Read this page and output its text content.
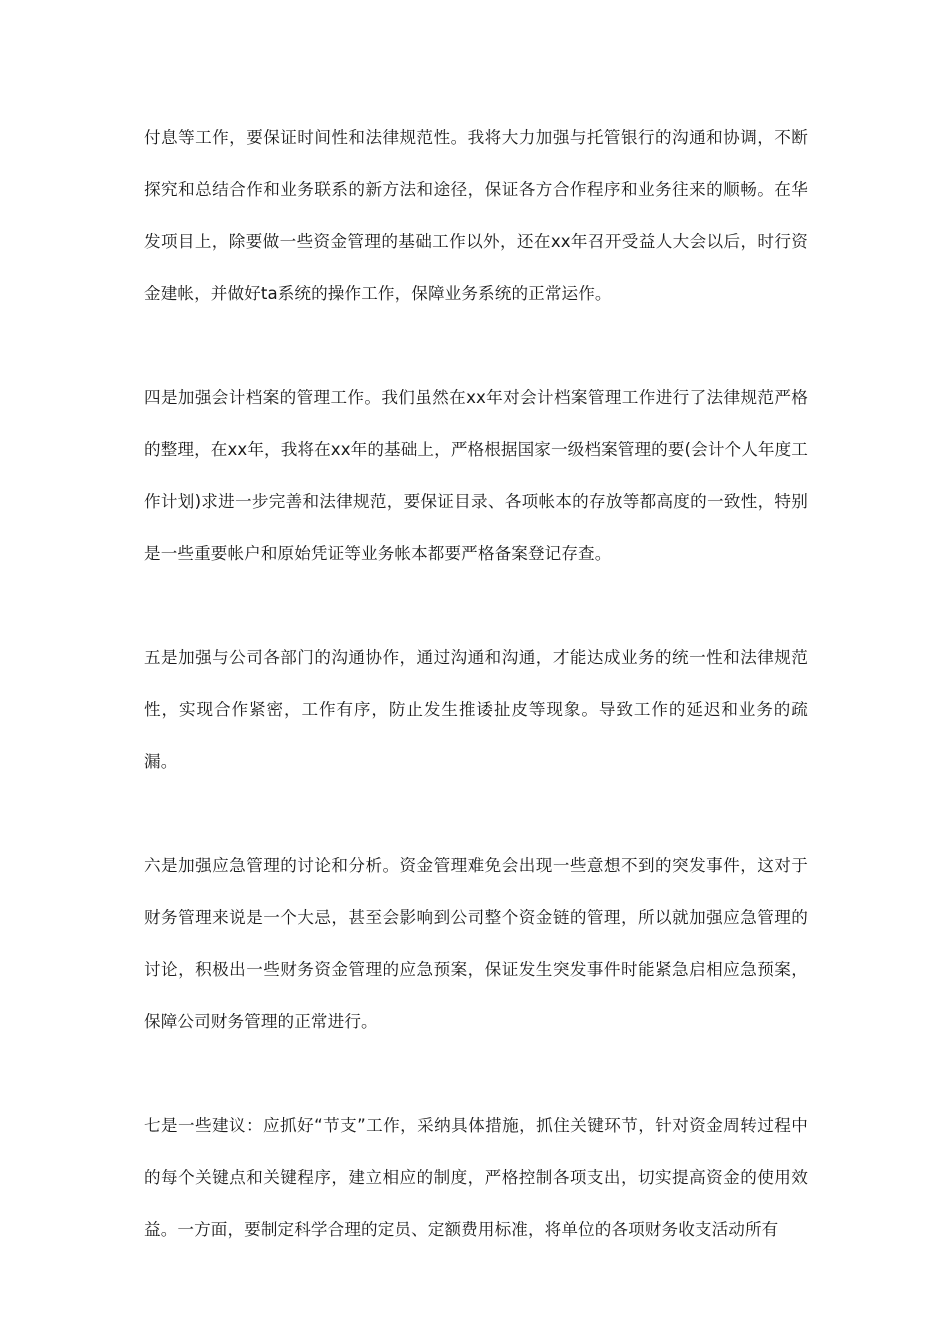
付息等工作，要保证时间性和法律规范性。我将大力加强与托管银行的沟通和协调，不断探究和总结合作和业务联系的新方法和途径，保证各方合作程序和业务往来的顺畅。在华发项目上，除要做一些资金管理的基础工作以外，还在xx年召开受益人大会以后，时行资金建帐，并做好ta系统的操作工作，保障业务系统的正常运作。

四是加强会计档案的管理工作。我们虽然在xx年对会计档案管理工作进行了法律规范严格的整理，在xx年，我将在xx年的基础上，严格根据国家一级档案管理的要(会计个人年度工作计划)求进一步完善和法律规范，要保证目录、各项帐本的存放等都高度的一致性，特别是一些重要帐户和原始凭证等业务帐本都要严格备案登记存查。

五是加强与公司各部门的沟通协作，通过沟通和沟通，才能达成业务的统一性和法律规范性，实现合作紧密，工作有序，防止发生推诿扯皮等现象。导致工作的延迟和业务的疏漏。

六是加强应急管理的讨论和分析。资金管理难免会出现一些意想不到的突发事件，这对于财务管理来说是一个大忌，甚至会影响到公司整个资金链的管理，所以就加强应急管理的讨论，积极出一些财务资金管理的应急预案，保证发生突发事件时能紧急启相应急预案，保障公司财务管理的正常进行。

七是一些建议：应抓好“节支”工作，采纳具体措施，抓住关键环节，针对资金周转过程中的每个关键点和关键程序，建立相应的制度，严格控制各项支出，切实提高资金的使用效益。一方面，要制定科学合理的定员、定额费用标准，将单位的各项财务收支活动所有
